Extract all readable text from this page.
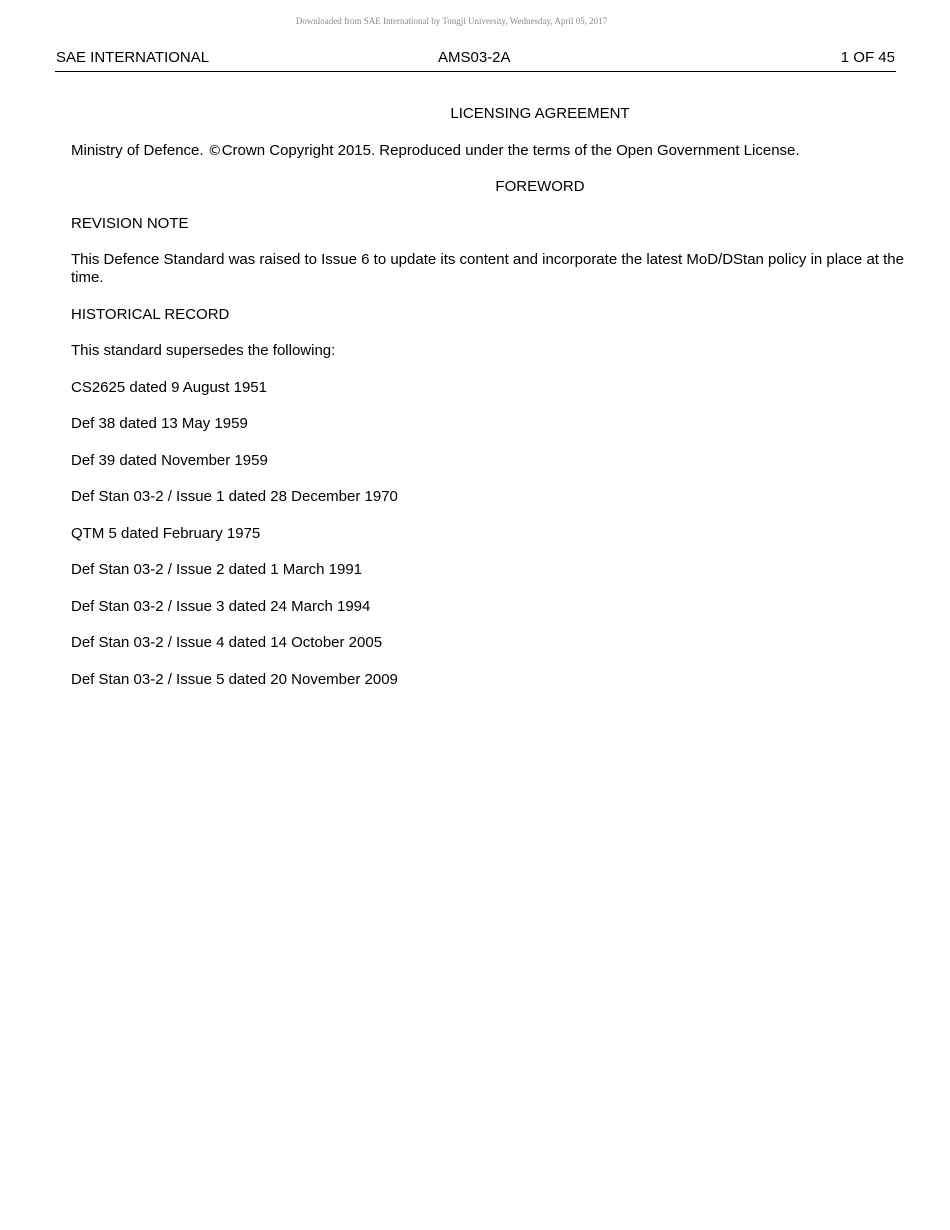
Downloaded from SAE International by Tongji University, Wednesday, April 05, 2017
SAE INTERNATIONAL	AMS03-2A	1 OF 45

LICENSING AGREEMENT

Ministry of Defence. ©Crown Copyright 2015. Reproduced under the terms of the Open Government License.

FOREWORD

REVISION NOTE

This Defence Standard was raised to Issue 6 to update its content and incorporate the latest MoD/DStan policy in place at the time.

HISTORICAL RECORD

This standard supersedes the following:

CS2625 dated 9 August 1951

Def 38 dated 13 May 1959

Def 39 dated November 1959

Def Stan 03-2 / Issue 1 dated 28 December 1970

QTM 5 dated February 1975

Def Stan 03-2 / Issue 2 dated 1 March 1991

Def Stan 03-2 / Issue 3 dated 24 March 1994

Def Stan 03-2 / Issue 4 dated 14 October 2005

Def Stan 03-2 / Issue 5 dated 20 November 2009
